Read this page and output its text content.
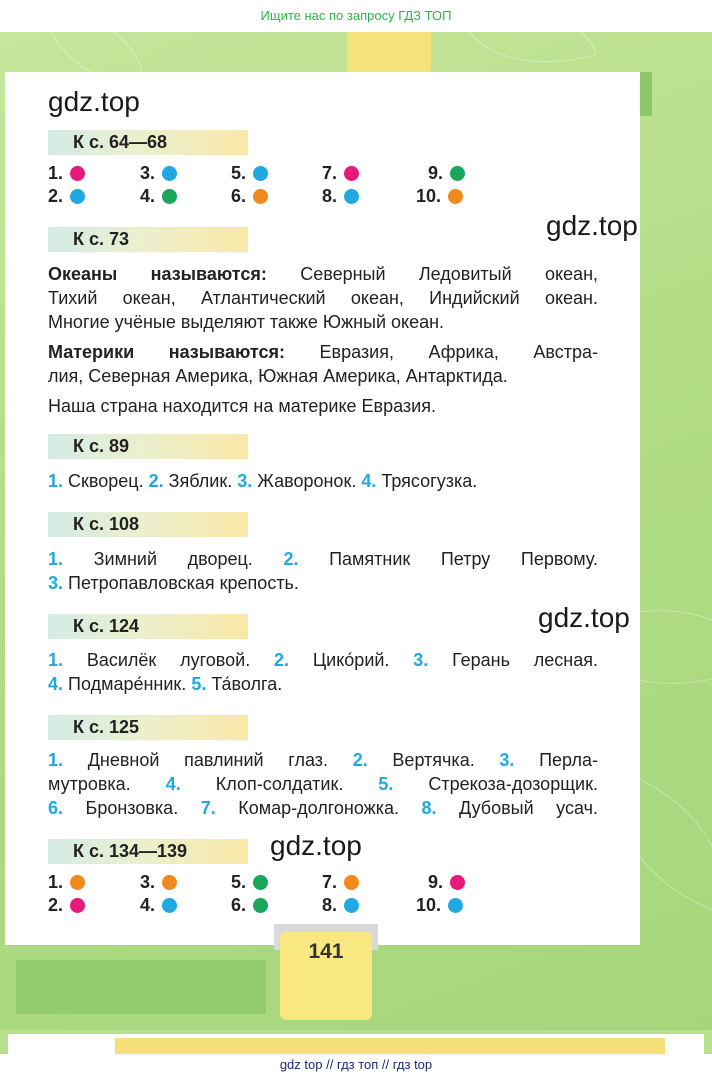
Ищите нас по запросу ГДЗ ТОП
gdz.top
gdz.top
gdz.top
gdz.top
К с. 64—68
1.	3.	5.	7.	9.
2.	4.	6.	8.	10.
К с. 73
Океаны называются: Северный Ледовитый океан,
Тихий океан, Атлантический океан, Индийский океан.
Многие учёные выделяют также Южный океан.
Материки называются: Евразия, Африка, Австра-
лия, Северная Америка, Южная Америка, Антарктида.
Наша страна находится на материке Евразия.
К с. 89
1. Скворец. 2. Зяблик. 3. Жаворонок. 4. Трясогузка.
К с. 108
1. Зимний дворец. 2. Памятник Петру Первому.
3. Петропавловская крепость.
К с. 124
1. Василёк луговой. 2. Цико́рий. 3. Герань лесная.
4. Подмаре́нник. 5. Та́волга.
К с. 125
1. Дневной павлиний глаз. 2. Вертячка. 3. Перла-
мутровка. 4. Клоп-солдатик. 5. Стрекоза-дозорщик.
6. Бронзовка. 7. Комар-долгоножка. 8. Дубовый усач.
К с. 134—139
1.	3.	5.	7.	9.
2.	4.	6.	8.	10.
141
gdz top // гдз топ // гдз top
